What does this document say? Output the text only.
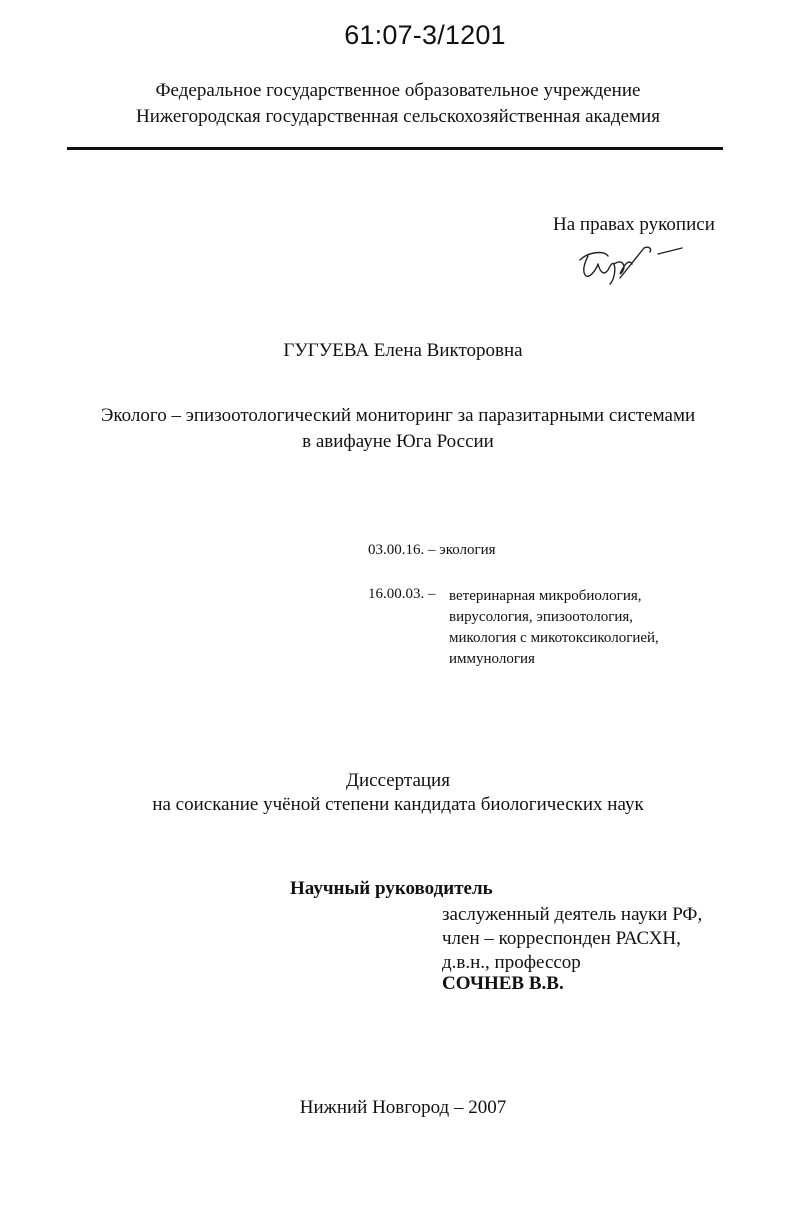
61:07-3/1201
Федеральное государственное образовательное учреждение
Нижегородская государственная сельскохозяйственная академия
На правах рукописи
ГУГУЕВА Елена Викторовна
Эколого – эпизоотологический мониторинг за паразитарными системами
в авифауне Юга России
03.00.16. – экология
16.00.03. – ветеринарная микробиология,
вирусология, эпизоотология,
микология с микотоксикологией,
иммунология
Диссертация
на соискание учёной степени кандидата биологических наук
Научный руководитель
заслуженный деятель науки РФ,
член – корреспонден РАСХН,
д.в.н., профессор
СОЧНЕВ В.В.
Нижний Новгород – 2007
